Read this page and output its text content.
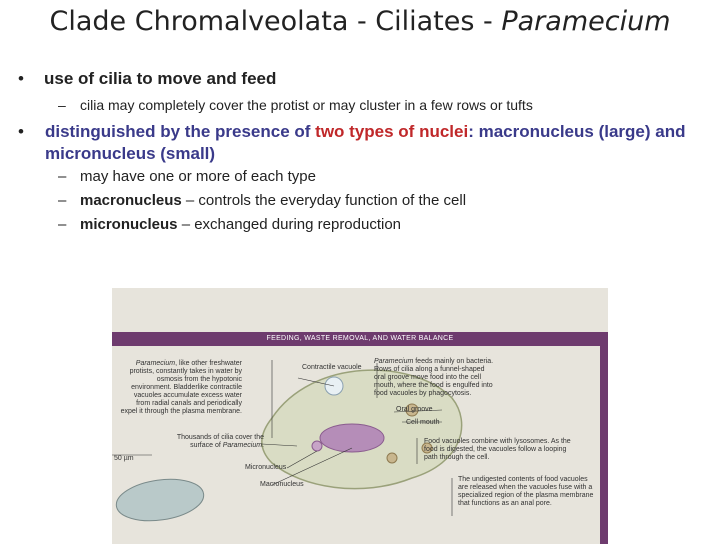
Clade Chromalveolata - Ciliates - Paramecium
• use of cilia to move and feed
– cilia may completely cover the protist or may cluster in a few rows or tufts
• distinguished by the presence of two types of nuclei: macronucleus (large) and micronucleus (small)
– may have one or more of each type
– macronucleus – controls the everyday function of the cell
– micronucleus – exchanged during reproduction
FEEDING, WASTE REMOVAL, AND WATER BALANCE
Paramecium, like other freshwater protists, constantly takes in water by osmosis from the hypotonic environment. Bladderlike contractile vacuoles accumulate excess water from radial canals and periodically expel it through the plasma membrane.
Contractile vacuole
Paramecium feeds mainly on bacteria. Rows of cilia along a funnel-shaped oral groove move food into the cell mouth, where the food is engulfed into food vacuoles by phagocytosis.
Oral groove
Cell mouth
Thousands of cilia cover the surface of Paramecium.
50 µm
Food vacuoles combine with lysosomes. As the food is digested, the vacuoles follow a looping path through the cell.
Micronucleus
Macronucleus
The undigested contents of food vacuoles are released when the vacuoles fuse with a specialized region of the plasma membrane that functions as an anal pore.
